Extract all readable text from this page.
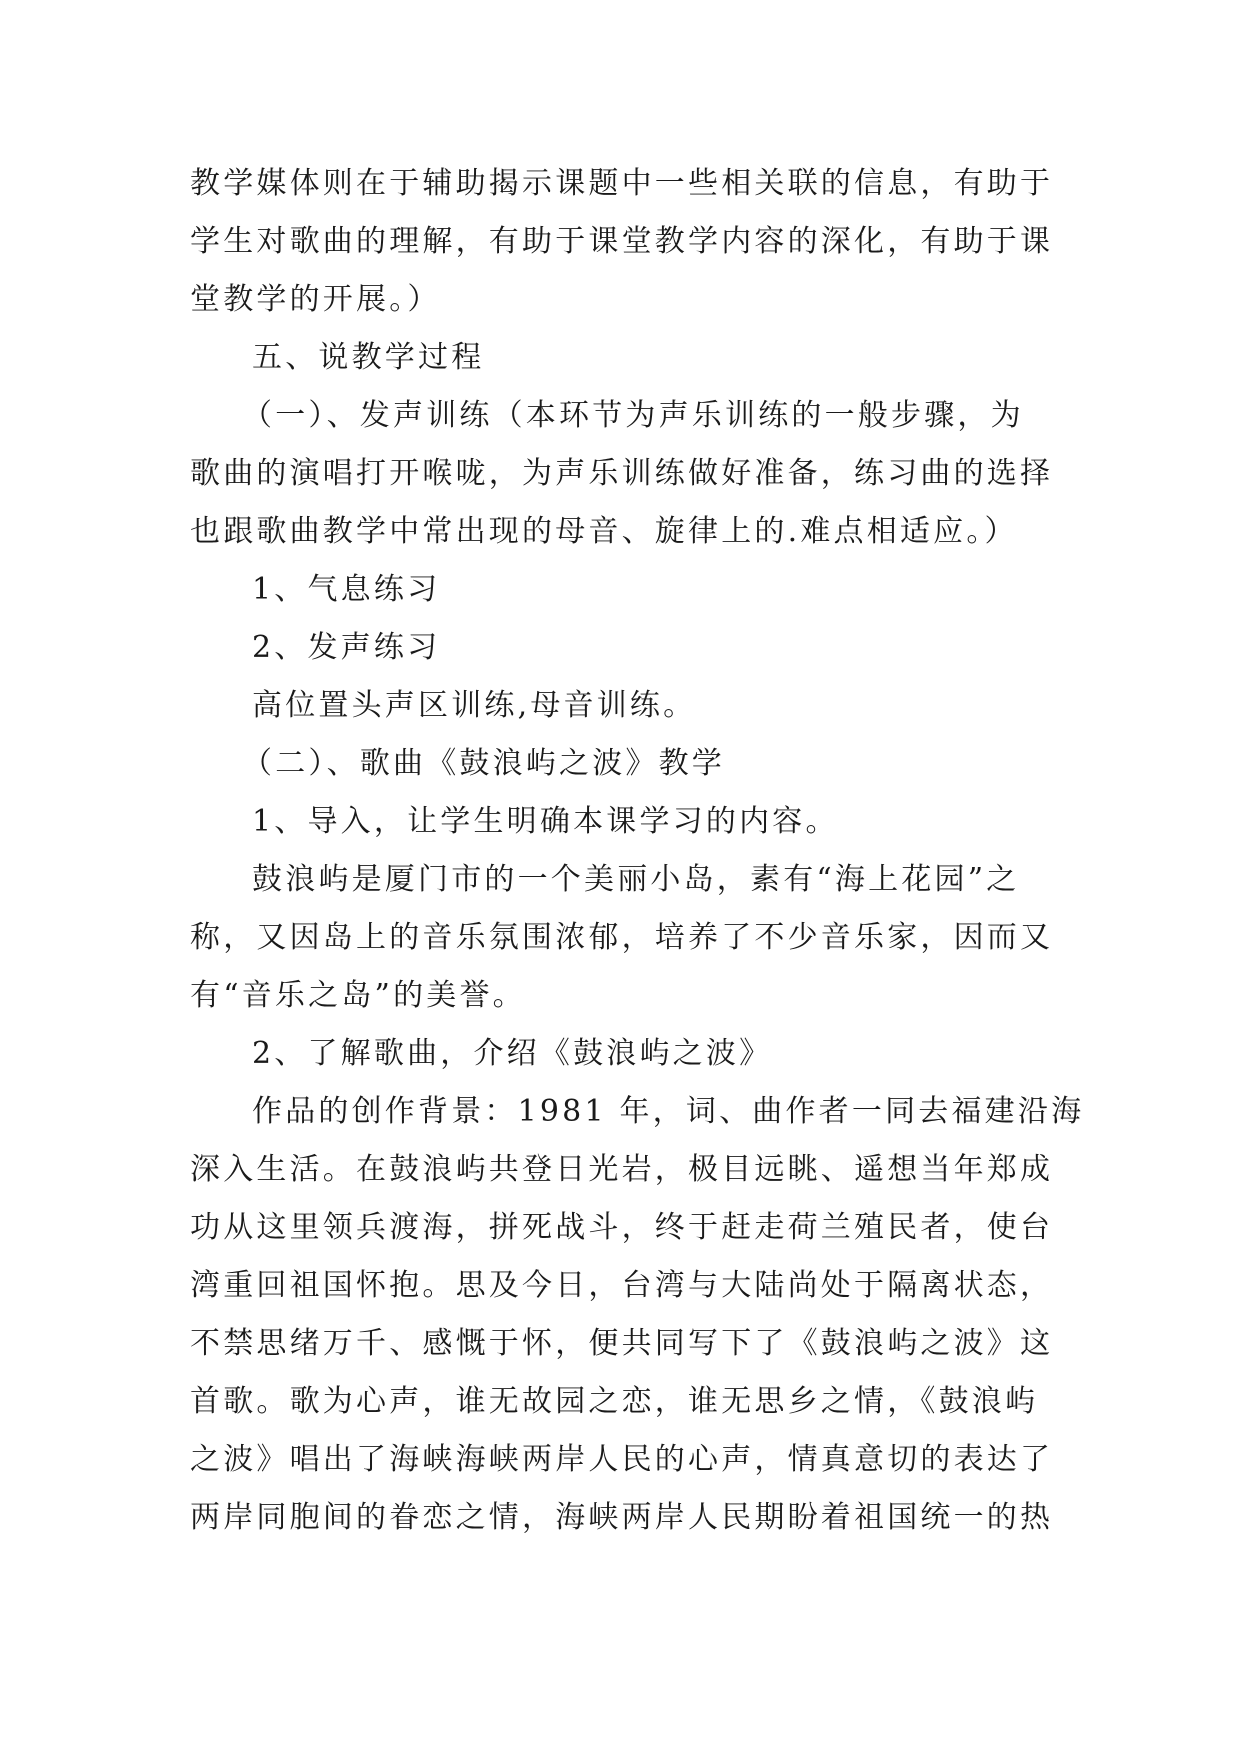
教学媒体则在于辅助揭示课题中一些相关联的信息，有助于
学生对歌曲的理解，有助于课堂教学内容的深化，有助于课
堂教学的开展。）
五、说教学过程
（一）、发声训练（本环节为声乐训练的一般步骤，为
歌曲的演唱打开喉咙，为声乐训练做好准备，练习曲的选择
也跟歌曲教学中常出现的母音、旋律上的.难点相适应。）
1、气息练习
2、发声练习
高位置头声区训练,母音训练。
（二）、歌曲《鼓浪屿之波》教学
1、导入，让学生明确本课学习的内容。
鼓浪屿是厦门市的一个美丽小岛，素有“海上花园”之
称，又因岛上的音乐氛围浓郁，培养了不少音乐家，因而又
有“音乐之岛”的美誉。
2、了解歌曲，介绍《鼓浪屿之波》
作品的创作背景：1981 年，词、曲作者一同去福建沿海
深入生活。在鼓浪屿共登日光岩，极目远眺、遥想当年郑成
功从这里领兵渡海，拼死战斗，终于赶走荷兰殖民者，使台
湾重回祖国怀抱。思及今日，台湾与大陆尚处于隔离状态，
不禁思绪万千、感慨于怀，便共同写下了《鼓浪屿之波》这
首歌。歌为心声，谁无故园之恋，谁无思乡之情，《鼓浪屿
之波》唱出了海峡海峡两岸人民的心声，情真意切的表达了
两岸同胞间的眷恋之情，海峡两岸人民期盼着祖国统一的热
